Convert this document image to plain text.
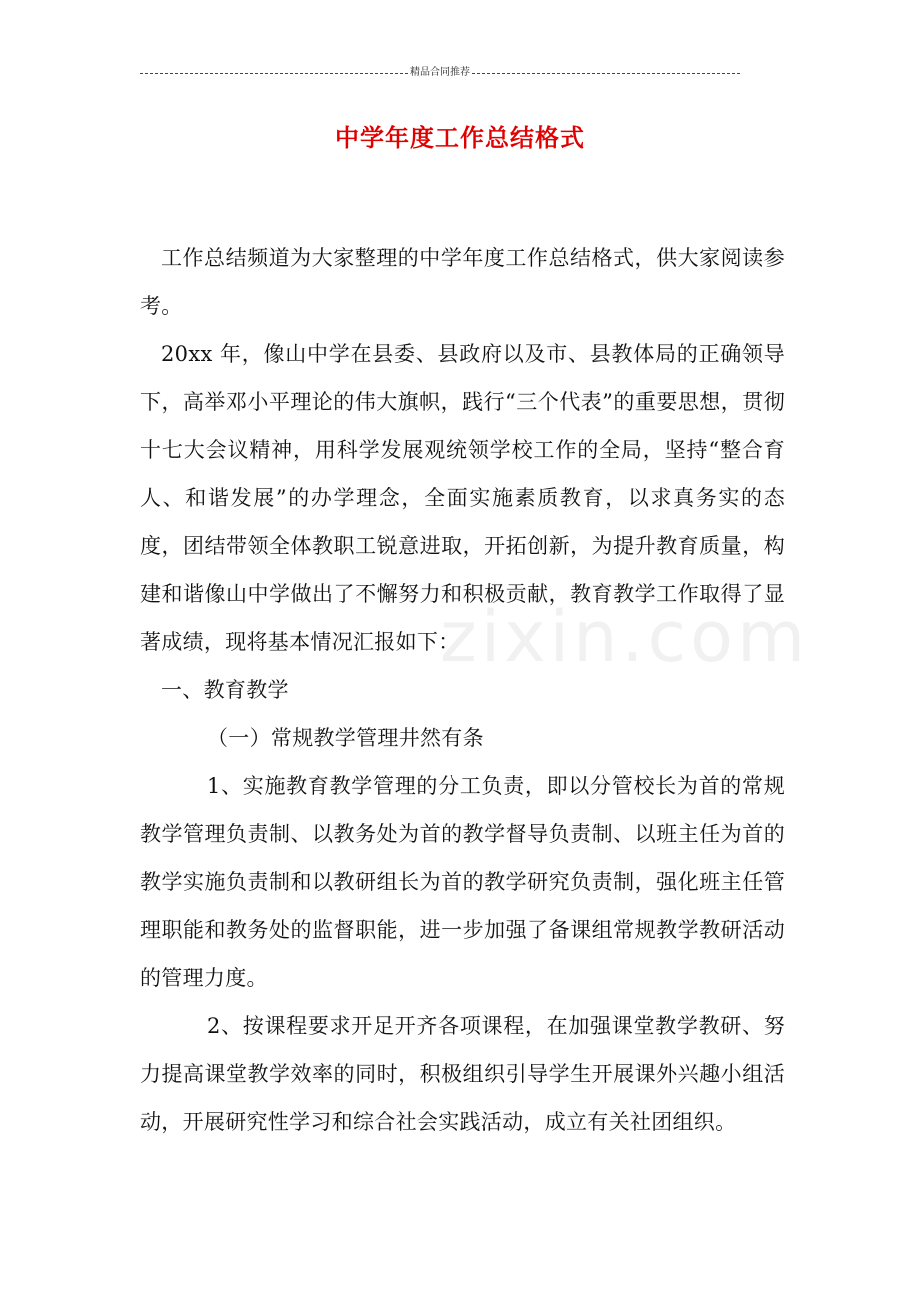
精品合同推荐
中学年度工作总结格式
zixin.com

工作总结频道为大家整理的中学年度工作总结格式，供大家阅读参考。

20xx 年，像山中学在县委、县政府以及市、县教体局的正确领导下，高举邓小平理论的伟大旗帜，践行“三个代表”的重要思想，贯彻十七大会议精神，用科学发展观统领学校工作的全局，坚持“整合育人、和谐发展”的办学理念，全面实施素质教育，以求真务实的态度，团结带领全体教职工锐意进取，开拓创新，为提升教育质量，构建和谐像山中学做出了不懈努力和积极贡献，教育教学工作取得了显著成绩，现将基本情况汇报如下：

一、教育教学

（一）常规教学管理井然有条

1、实施教育教学管理的分工负责，即以分管校长为首的常规教学管理负责制、以教务处为首的教学督导负责制、以班主任为首的教学实施负责制和以教研组长为首的教学研究负责制，强化班主任管理职能和教务处的监督职能，进一步加强了备课组常规教学教研活动的管理力度。

2、按课程要求开足开齐各项课程，在加强课堂教学教研、努力提高课堂教学效率的同时，积极组织引导学生开展课外兴趣小组活动，开展研究性学习和综合社会实践活动，成立有关社团组织。
